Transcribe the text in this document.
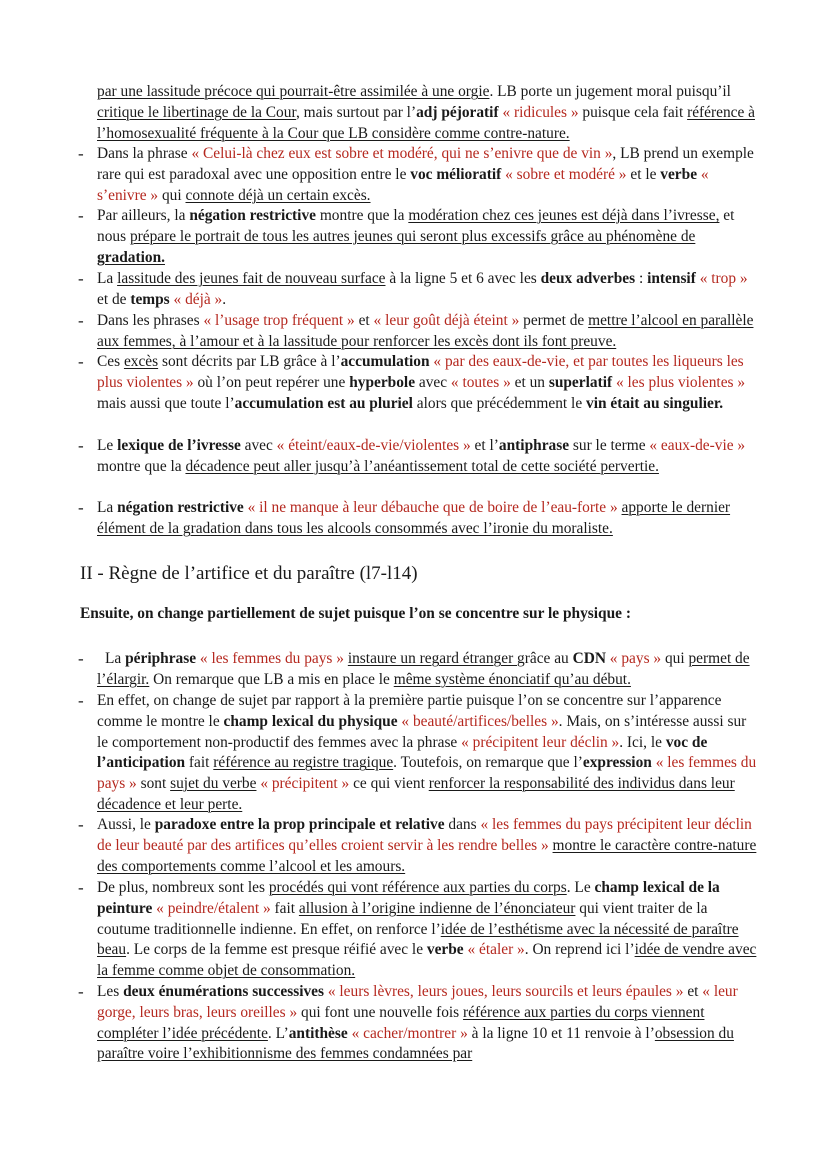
par une lassitude précoce qui pourrait-être assimilée à une orgie. LB porte un jugement moral puisqu’il critique le libertinage de la Cour, mais surtout par l’adj péjoratif « ridicules » puisque cela fait référence à l’homosexualité fréquente à la Cour que LB considère comme contre-nature.

- Dans la phrase « Celui-là chez eux est sobre et modéré, qui ne s’enivre que de vin », LB prend un exemple rare qui est paradoxal avec une opposition entre le voc mélioratif « sobre et modéré » et le verbe « s’enivre » qui connote déjà un certain excès.

- Par ailleurs, la négation restrictive montre que la modération chez ces jeunes est déjà dans l’ivresse, et nous prépare le portrait de tous les autres jeunes qui seront plus excessifs grâce au phénomène de gradation.

- La lassitude des jeunes fait de nouveau surface à la ligne 5 et 6 avec les deux adverbes : intensif « trop » et de temps « déjà ».

- Dans les phrases « l’usage trop fréquent » et « leur goût déjà éteint » permet de mettre l’alcool en parallèle aux femmes, à l’amour et à la lassitude pour renforcer les excès dont ils font preuve.

- Ces excès sont décrits par LB grâce à l’accumulation « par des eaux-de-vie, et par toutes les liqueurs les plus violentes » où l’on peut repérer une hyperbole avec « toutes » et un superlatif « les plus violentes » mais aussi que toute l’accumulation est au pluriel alors que précédemment le vin était au singulier.

- Le lexique de l’ivresse avec « éteint/eaux-de-vie/violentes » et l’antiphrase sur le terme « eaux-de-vie » montre que la décadence peut aller jusqu’à l’anéantissement total de cette société pervertie.

- La négation restrictive « il ne manque à leur débauche que de boire de l’eau-forte » apporte le dernier élément de la gradation dans tous les alcools consommés avec l’ironie du moraliste.

II - Règne de l’artifice et du paraître (l7-l14)

Ensuite, on change partiellement de sujet puisque l’on se concentre sur le physique :

-	La périphrase « les femmes du pays » instaure un regard étranger grâce au CDN « pays » qui permet de l’élargir. On remarque que LB a mis en place le même système énonciatif qu’au début.

- En effet, on change de sujet par rapport à la première partie puisque l’on se concentre sur l’apparence comme le montre le champ lexical du physique « beauté/artifices/belles ». Mais, on s’intéresse aussi sur le comportement non-productif des femmes avec la phrase « précipitent leur déclin ». Ici, le voc de l’anticipation fait référence au registre tragique. Toutefois, on remarque que l’expression « les femmes du pays » sont sujet du verbe « précipitent » ce qui vient renforcer la responsabilité des individus dans leur décadence et leur perte.

- Aussi, le paradoxe entre la prop principale et relative dans « les femmes du pays précipitent leur déclin de leur beauté par des artifices qu’elles croient servir à les rendre belles » montre le caractère contre-nature des comportements comme l’alcool et les amours.

- De plus, nombreux sont les procédés qui vont référence aux parties du corps. Le champ lexical de la peinture « peindre/étalent » fait allusion à l’origine indienne de l’énonciateur qui vient traiter de la coutume traditionnelle indienne. En effet, on renforce l’idée de l’esthétisme avec la nécessité de paraître beau. Le corps de la femme est presque réifié avec le verbe « étaler ». On reprend ici l’idée de vendre avec la femme comme objet de consommation.

- Les deux énumérations successives « leurs lèvres, leurs joues, leurs sourcils et leurs épaules » et « leur gorge, leurs bras, leurs oreilles » qui font une nouvelle fois référence aux parties du corps viennent compléter l’idée précédente. L’antithèse « cacher/montrer » à la ligne 10 et 11 renvoie à l’obsession du paraître voire l’exhibitionnisme des femmes condamnées par
